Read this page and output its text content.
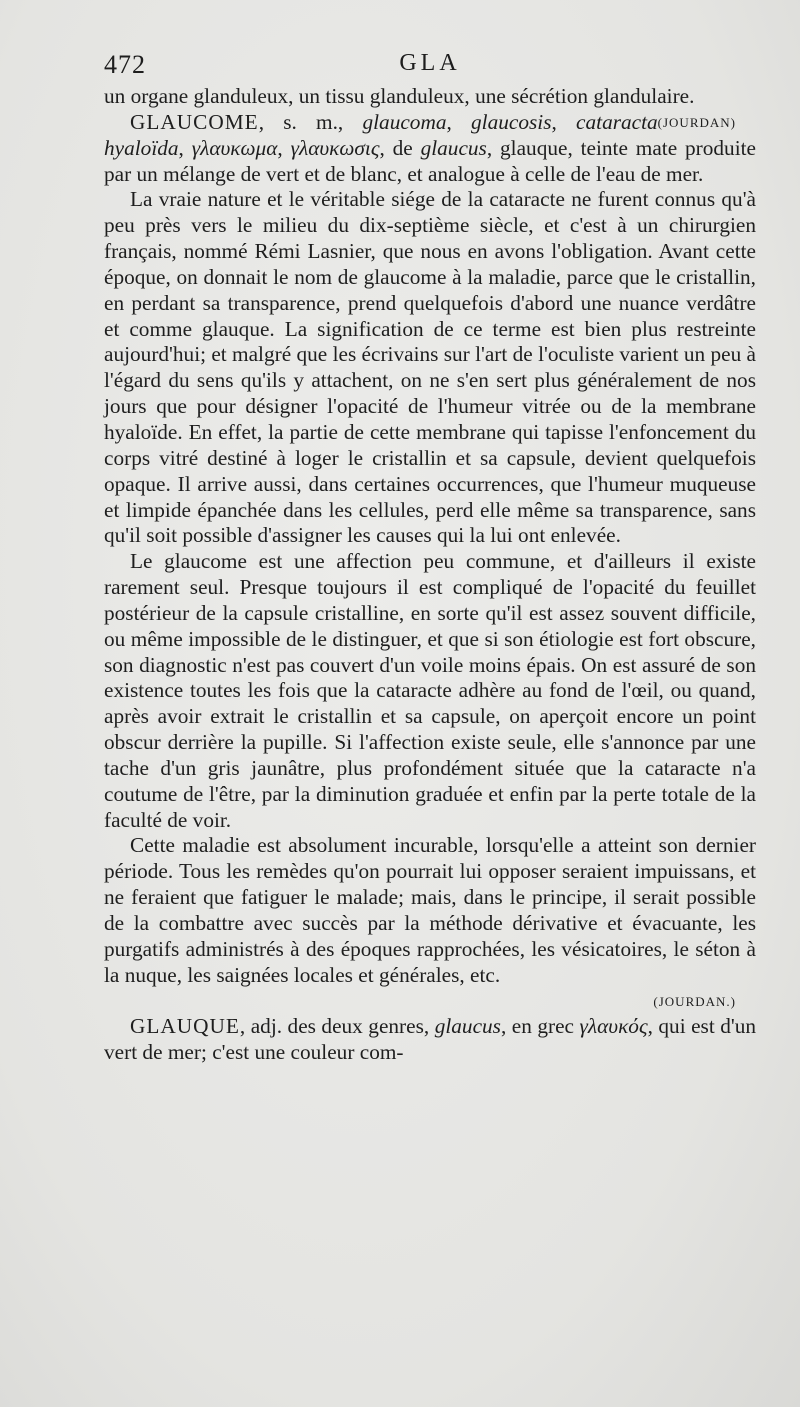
472	GLA

un organe glanduleux, un tissu glanduleux, une sécrétion glandulaire.
(JOURDAN)

GLAUCOME, s. m., glaucoma, glaucosis, cataracta hyaloïda, γλαυκωμα, γλαυκωσις, de glaucus, glauque, teinte mate produite par un mélange de vert et de blanc, et analogue à celle de l'eau de mer.

La vraie nature et le véritable siége de la cataracte ne furent connus qu'à peu près vers le milieu du dix-septième siècle, et c'est à un chirurgien français, nommé Rémi Lasnier, que nous en avons l'obligation. Avant cette époque, on donnait le nom de glaucome à la maladie, parce que le cristallin, en perdant sa transparence, prend quelquefois d'abord une nuance verdâtre et comme glauque. La signification de ce terme est bien plus restreinte aujourd'hui; et malgré que les écrivains sur l'art de l'oculiste varient un peu à l'égard du sens qu'ils y attachent, on ne s'en sert plus généralement de nos jours que pour désigner l'opacité de l'humeur vitrée ou de la membrane hyaloïde. En effet, la partie de cette membrane qui tapisse l'enfoncement du corps vitré destiné à loger le cristallin et sa capsule, devient quelquefois opaque. Il arrive aussi, dans certaines occurrences, que l'humeur muqueuse et limpide épanchée dans les cellules, perd elle même sa transparence, sans qu'il soit possible d'assigner les causes qui la lui ont enlevée.

Le glaucome est une affection peu commune, et d'ailleurs il existe rarement seul. Presque toujours il est compliqué de l'opacité du feuillet postérieur de la capsule cristalline, en sorte qu'il est assez souvent difficile, ou même impossible de le distinguer, et que si son étiologie est fort obscure, son diagnostic n'est pas couvert d'un voile moins épais. On est assuré de son existence toutes les fois que la cataracte adhère au fond de l'œil, ou quand, après avoir extrait le cristallin et sa capsule, on aperçoit encore un point obscur derrière la pupille. Si l'affection existe seule, elle s'annonce par une tache d'un gris jaunâtre, plus profondément située que la cataracte n'a coutume de l'être, par la diminution graduée et enfin par la perte totale de la faculté de voir.

Cette maladie est absolument incurable, lorsqu'elle a atteint son dernier période. Tous les remèdes qu'on pourrait lui opposer seraient impuissans, et ne feraient que fatiguer le malade; mais, dans le principe, il serait possible de la combattre avec succès par la méthode dérivative et évacuante, les purgatifs administrés à des époques rapprochées, les vésicatoires, le séton à la nuque, les saignées locales et générales, etc.

(JOURDAN.)

GLAUQUE, adj. des deux genres, glaucus, en grec γλαυκός, qui est d'un vert de mer; c'est une couleur com-
